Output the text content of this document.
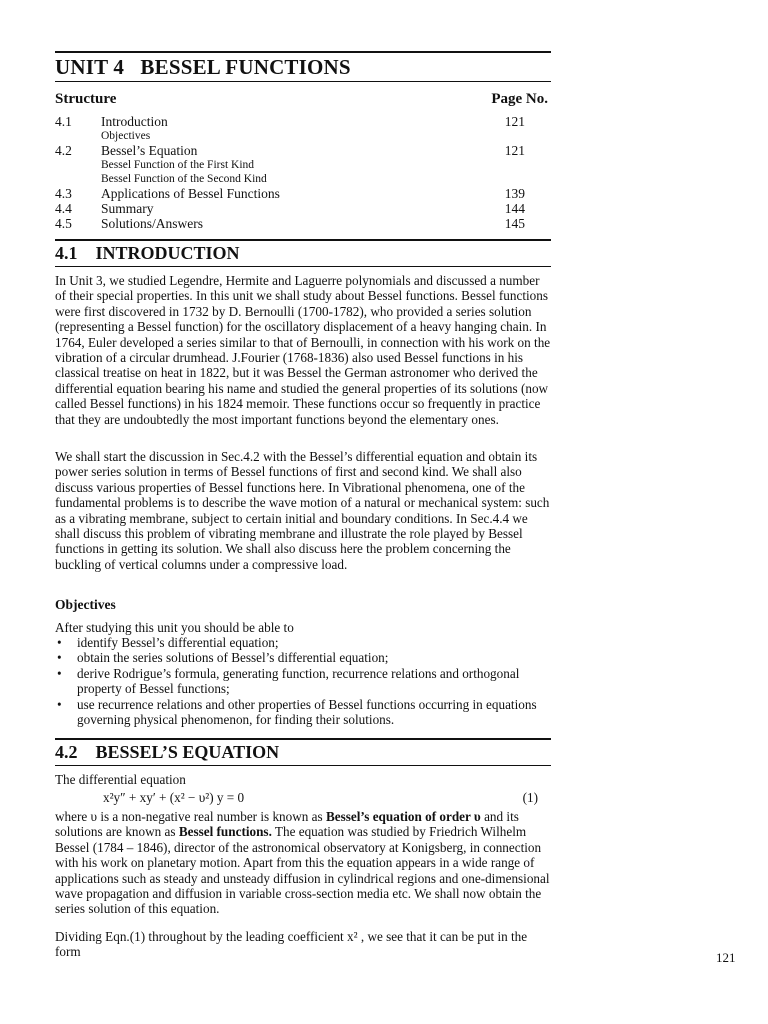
UNIT 4   BESSEL FUNCTIONS
Structure	Page No.
4.1 Introduction	121
Objectives
4.2 Bessel’s Equation	121
Bessel Function of the First Kind
Bessel Function of the Second Kind
4.3 Applications of Bessel Functions	139
4.4 Summary	144
4.5 Solutions/Answers	145
4.1    INTRODUCTION

In Unit 3, we studied Legendre, Hermite and Laguerre polynomials and discussed a number of their special properties. In this unit we shall study about Bessel functions. Bessel functions were first discovered in 1732 by D. Bernoulli (1700-1782), who provided a series solution (representing a Bessel function) for the oscillatory displacement of a heavy hanging chain. In 1764, Euler developed a series similar to that of Bernoulli, in connection with his work on the vibration of a circular drumhead. J.Fourier (1768-1836) also used Bessel functions in his classical treatise on heat in 1822, but it was Bessel the German astronomer who derived the differential equation bearing his name and studied the general properties of its solutions (now called Bessel functions) in his 1824 memoir. These functions occur so frequently in practice that they are undoubtedly the most important functions beyond the elementary ones.

We shall start the discussion in Sec.4.2 with the Bessel’s differential equation and obtain its power series solution in terms of Bessel functions of first and second kind. We shall also discuss various properties of Bessel functions here. In Vibrational phenomena, one of the fundamental problems is to describe the wave motion of a natural or mechanical system: such as a vibrating membrane, subject to certain initial and boundary conditions. In Sec.4.4 we shall discuss this problem of vibrating membrane and illustrate the role played by Bessel functions in getting its solution. We shall also discuss here the problem concerning the buckling of vertical columns under a compressive load.

Objectives
After studying this unit you should be able to
• identify Bessel’s differential equation;
• obtain the series solutions of Bessel’s differential equation;
• derive Rodrigue’s formula, generating function, recurrence relations and orthogonal property of Bessel functions;
• use recurrence relations and other properties of Bessel functions occurring in equations governing physical phenomenon, for finding their solutions.
4.2    BESSEL’S EQUATION
The differential equation
x²y″ + xy′ + (x² − υ²) y = 0	(1)

where υ is a non-negative real number is known as Bessel’s equation of order υ and its solutions are known as Bessel functions. The equation was studied by Friedrich Wilhelm Bessel (1784 – 1846), director of the astronomical observatory at Konigsberg, in connection with his work on planetary motion. Apart from this the equation appears in a wide range of applications such as steady and unsteady diffusion in cylindrical regions and one-dimensional wave propagation and diffusion in variable cross-section media etc. We shall now obtain the series solution of this equation.

Dividing Eqn.(1) throughout by the leading coefficient x² , we see that it can be put in the form	121
